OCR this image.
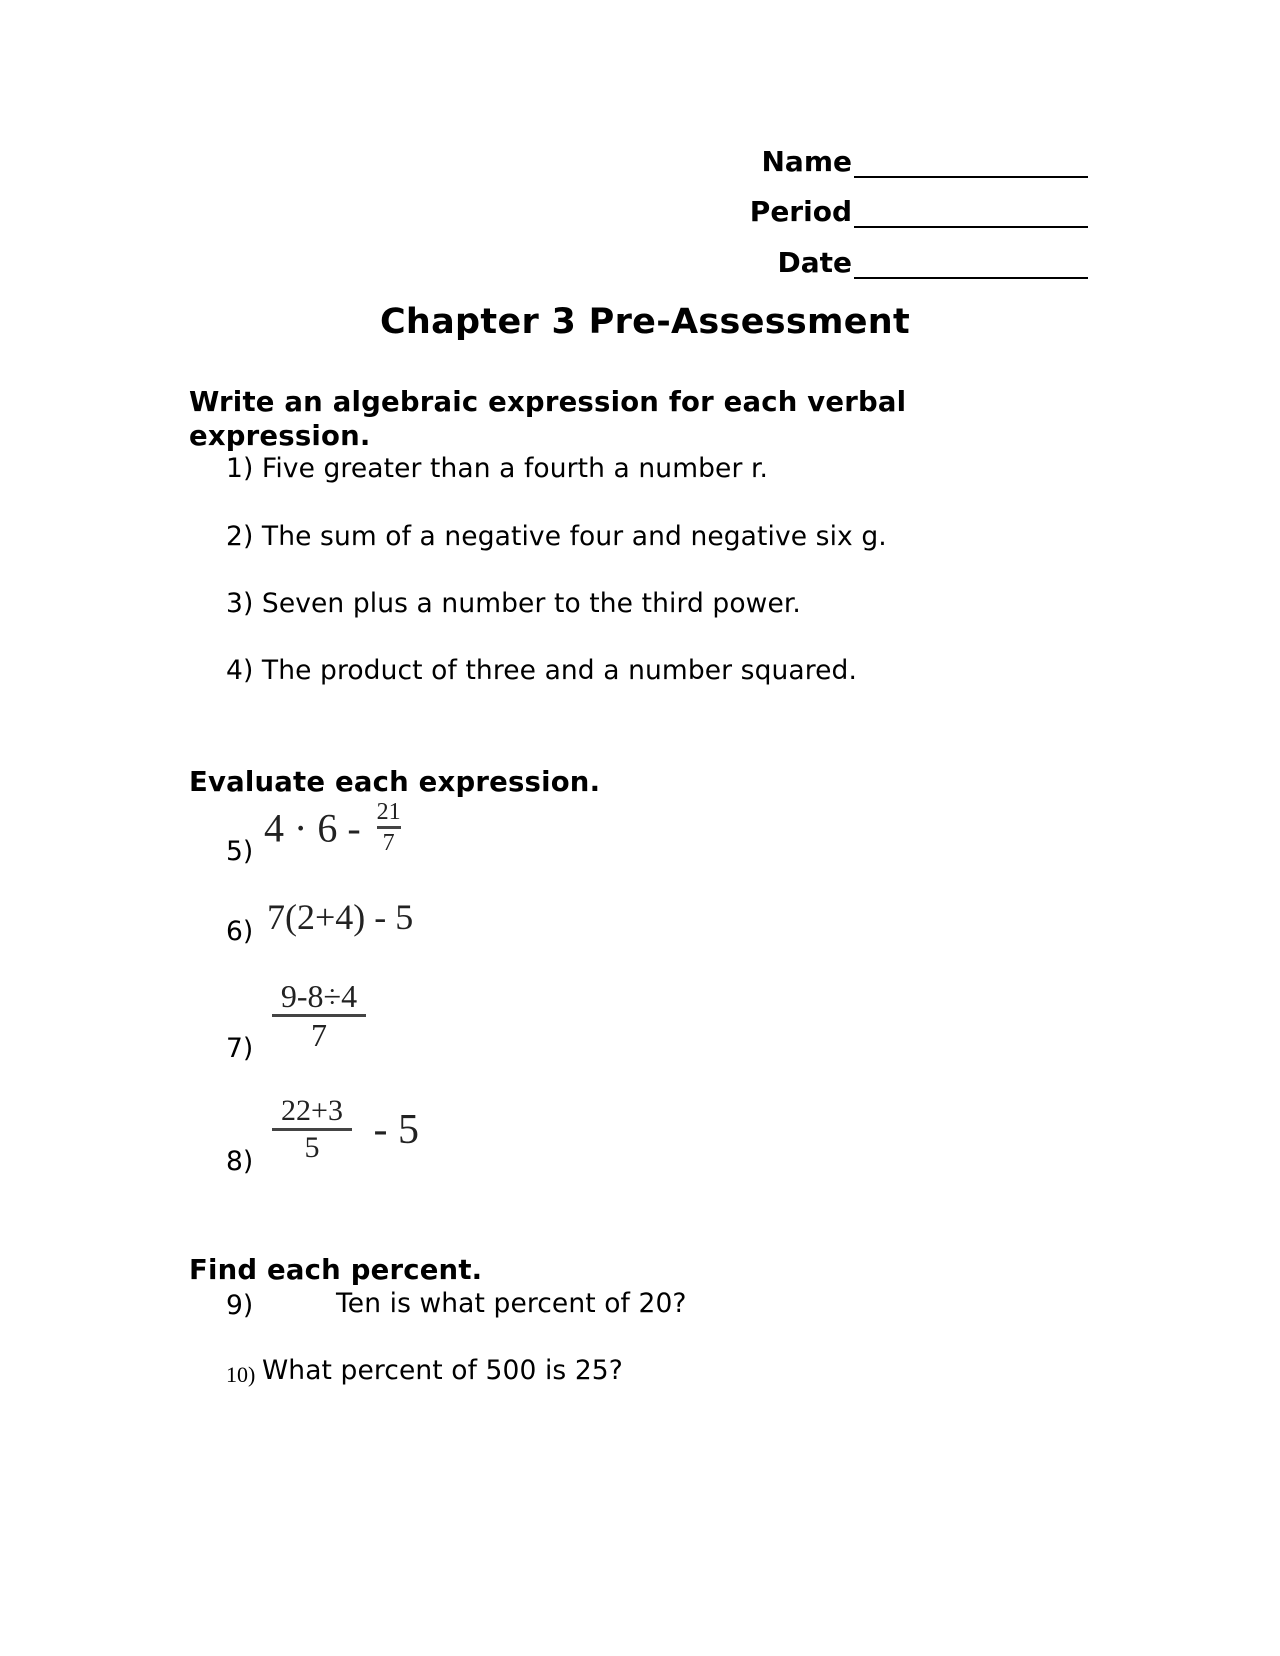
Name
Period
Date
Chapter 3 Pre-Assessment
Write an algebraic expression for each verbal
expression.
1) Five greater than a fourth a number r.
2) The sum of a negative four and negative six g.
3) Seven plus a number to the third power.
4) The product of three and a number squared.
Evaluate each expression.
5)
$4 \cdot 6 - \frac{21}{7}$
6) 7(2+4) - 5
$7) \frac{9-8\div 4}{7}$
$8) \frac{22+3}{5} - 5$
Find each percent.
9)	Ten is what percent of 20?
10) What percent of 500 is 25?
